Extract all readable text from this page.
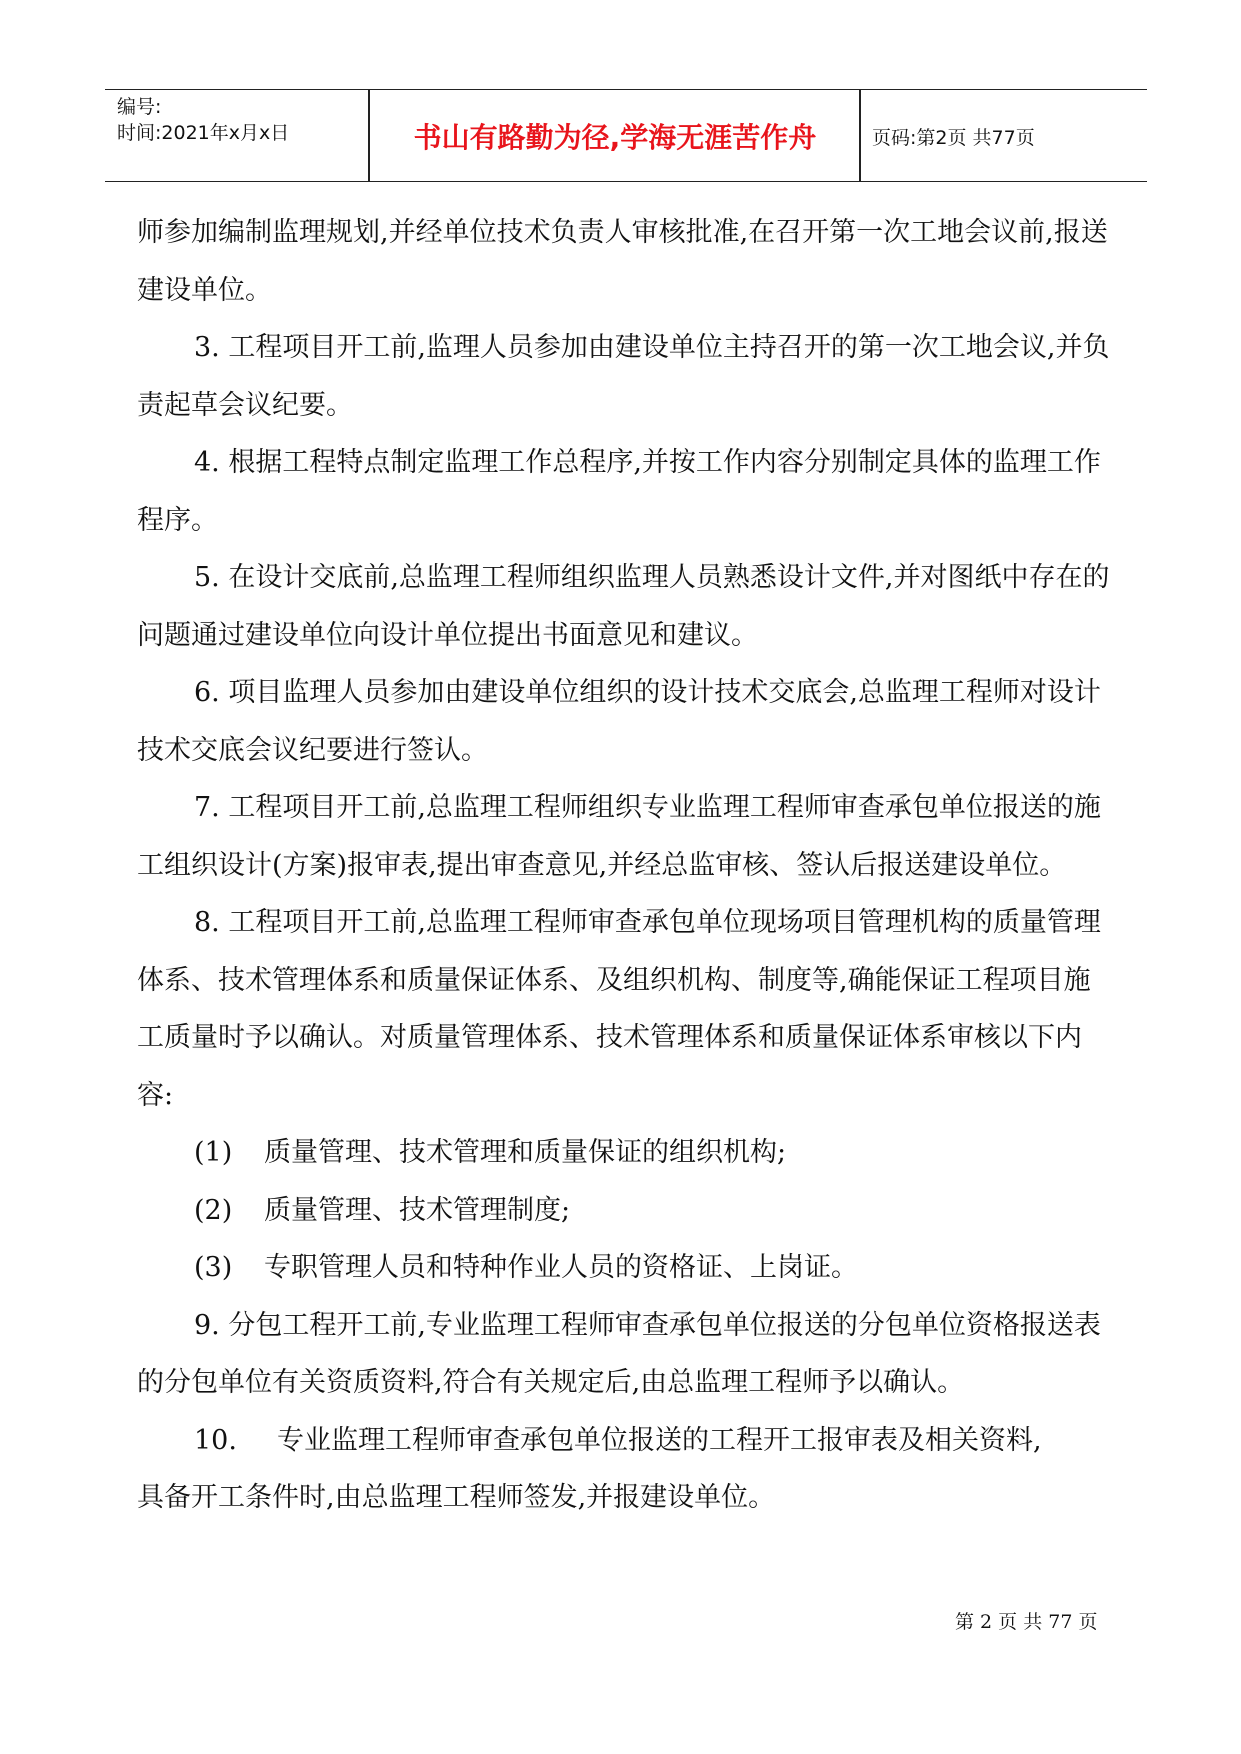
编号:
时间:2021年x月x日	书山有路勤为径,学海无涯苦作舟	页码:第2页 共77页

师参加编制监理规划,并经单位技术负责人审核批准,在召开第一次工地会议前,报送建设单位。

3. 工程项目开工前,监理人员参加由建设单位主持召开的第一次工地会议,并负责起草会议纪要。

4. 根据工程特点制定监理工作总程序,并按工作内容分别制定具体的监理工作程序。

5. 在设计交底前,总监理工程师组织监理人员熟悉设计文件,并对图纸中存在的问题通过建设单位向设计单位提出书面意见和建议。

6. 项目监理人员参加由建设单位组织的设计技术交底会,总监理工程师对设计技术交底会议纪要进行签认。

7. 工程项目开工前,总监理工程师组织专业监理工程师审查承包单位报送的施工组织设计(方案)报审表,提出审查意见,并经总监审核、签认后报送建设单位。

8. 工程项目开工前,总监理工程师审查承包单位现场项目管理机构的质量管理体系、技术管理体系和质量保证体系、及组织机构、制度等,确能保证工程项目施工质量时予以确认。对质量管理体系、技术管理体系和质量保证体系审核以下内容:

(1)	质量管理、技术管理和质量保证的组织机构;
(2)	质量管理、技术管理制度;
(3)	专职管理人员和特种作业人员的资格证、上岗证。

9. 分包工程开工前,专业监理工程师审查承包单位报送的分包单位资格报送表的分包单位有关资质资料,符合有关规定后,由总监理工程师予以确认。

10.	专业监理工程师审查承包单位报送的工程开工报审表及相关资料,

具备开工条件时,由总监理工程师签发,并报建设单位。

第 2 页 共 77 页
